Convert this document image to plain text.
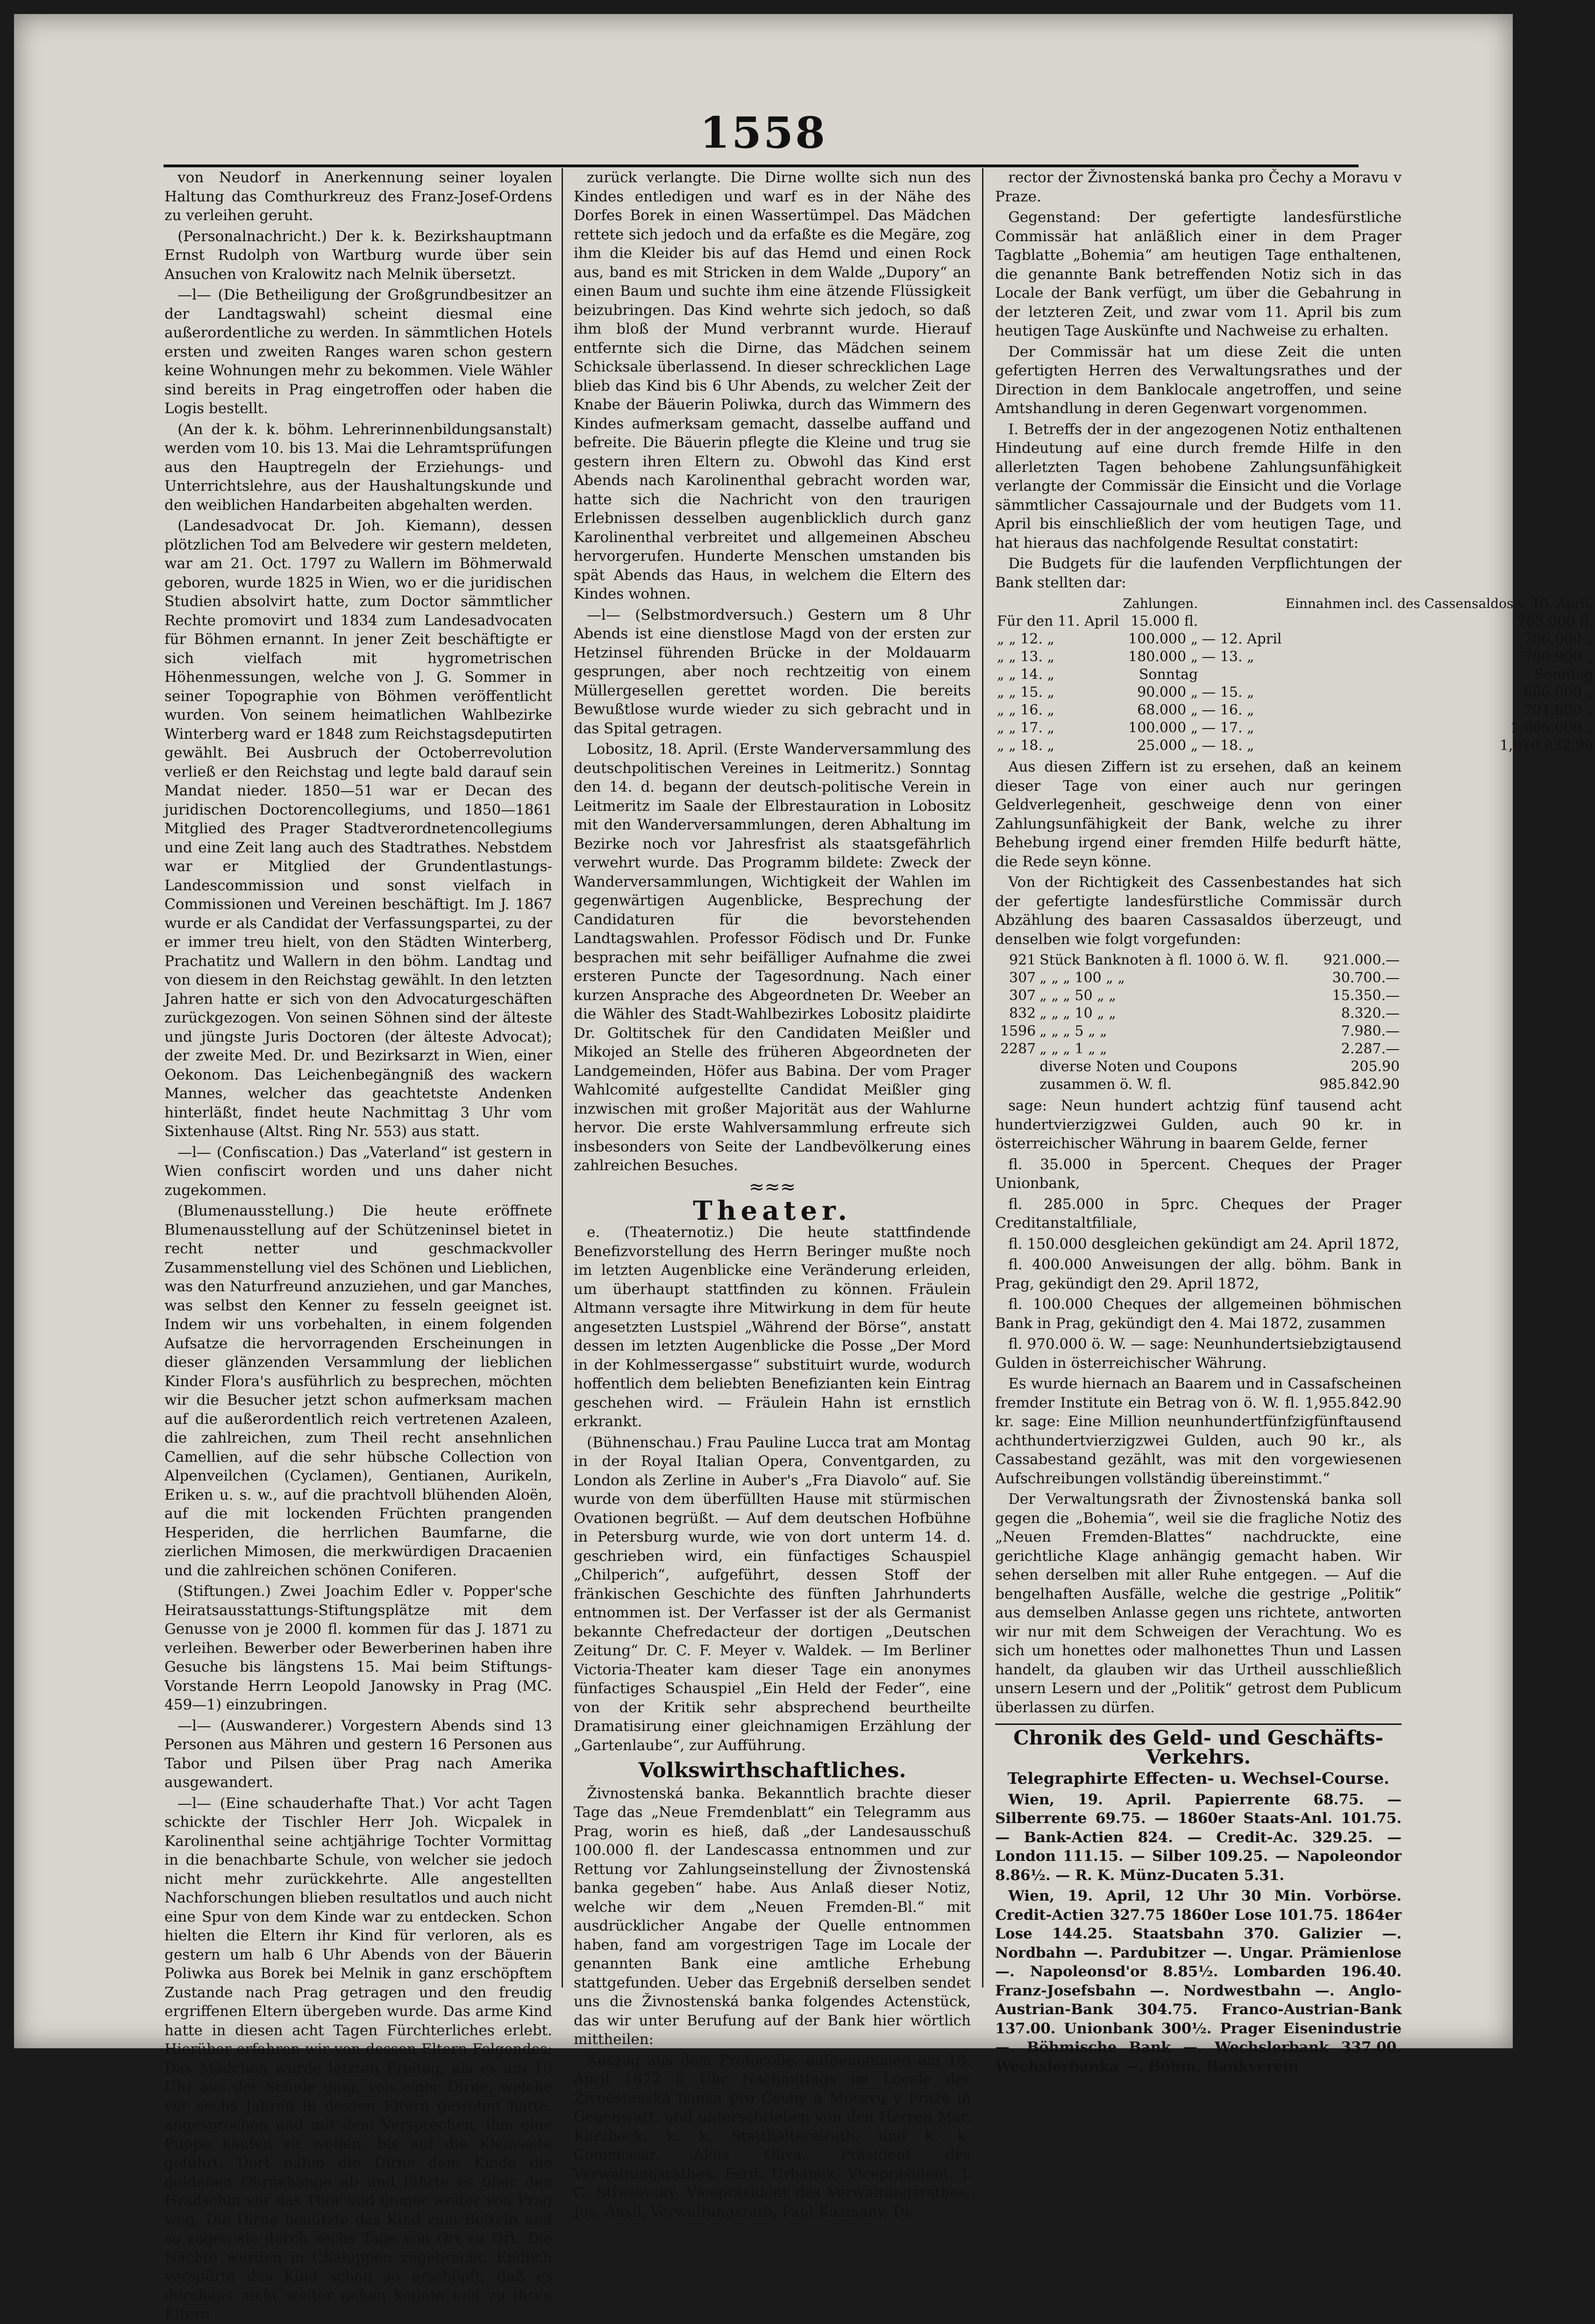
1558

von Neudorf in Anerkennung seiner loyalen Haltung das Comthurkreuz des Franz-Josef-Ordens zu verleihen geruht.

(Personalnachricht.) Der k. k. Bezirkshauptmann Ernst Rudolph von Wartburg wurde über sein Ansuchen von Kralowitz nach Melnik übersetzt.

—l— (Die Betheiligung der Großgrundbesitzer an der Landtagswahl) scheint diesmal eine außerordentliche zu werden. In sämmtlichen Hotels ersten und zweiten Ranges waren schon gestern keine Wohnungen mehr zu bekommen. Viele Wähler sind bereits in Prag eingetroffen oder haben die Logis bestellt.

(An der k. k. böhm. Lehrerinnenbildungsanstalt) werden vom 10. bis 13. Mai die Lehramtsprüfungen aus den Hauptregeln der Erziehungs- und Unterrichtslehre, aus der Haushaltungskunde und den weiblichen Handarbeiten abgehalten werden.

(Landesadvocat Dr. Joh. Kiemann), dessen plötzlichen Tod am Belvedere wir gestern meldeten, war am 21. Oct. 1797 zu Wallern im Böhmerwald geboren, wurde 1825 in Wien, wo er die juridischen Studien absolvirt hatte, zum Doctor sämmtlicher Rechte promovirt und 1834 zum Landesadvocaten für Böhmen ernannt. In jener Zeit beschäftigte er sich vielfach mit hygrometrischen Höhenmessungen, welche von J. G. Sommer in seiner Topographie von Böhmen veröffentlicht wurden. Von seinem heimatlichen Wahlbezirke Winterberg ward er 1848 zum Reichstagsdeputirten gewählt. Bei Ausbruch der Octoberrevolution verließ er den Reichstag und legte bald darauf sein Mandat nieder. 1850—51 war er Decan des juridischen Doctorencollegiums, und 1850—1861 Mitglied des Prager Stadtverordnetencollegiums und eine Zeit lang auch des Stadtrathes. Nebstdem war er Mitglied der Grundentlastungs-Landescommission und sonst vielfach in Commissionen und Vereinen beschäftigt. Im J. 1867 wurde er als Candidat der Verfassungspartei, zu der er immer treu hielt, von den Städten Winterberg, Prachatitz und Wallern in den böhm. Landtag und von diesem in den Reichstag gewählt. In den letzten Jahren hatte er sich von den Advocaturgeschäften zurückgezogen. Von seinen Söhnen sind der älteste und jüngste Juris Doctoren (der älteste Advocat); der zweite Med. Dr. und Bezirksarzt in Wien, einer Oekonom. Das Leichenbegängniß des wackern Mannes, welcher das geachtetste Andenken hinterläßt, findet heute Nachmittag 3 Uhr vom Sixtenhause (Altst. Ring Nr. 553) aus statt.

—l— (Confiscation.) Das „Vaterland“ ist gestern in Wien confiscirt worden und uns daher nicht zugekommen.

(Blumenausstellung.) Die heute eröffnete Blumenausstellung auf der Schützeninsel bietet in recht netter und geschmackvoller Zusammenstellung viel des Schönen und Lieblichen, was den Naturfreund anzuziehen, und gar Manches, was selbst den Kenner zu fesseln geeignet ist. Indem wir uns vorbehalten, in einem folgenden Aufsatze die hervorragenden Erscheinungen in dieser glänzenden Versammlung der lieblichen Kinder Flora's ausführlich zu besprechen, möchten wir die Besucher jetzt schon aufmerksam machen auf die außerordentlich reich vertretenen Azaleen, die zahlreichen, zum Theil recht ansehnlichen Camellien, auf die sehr hübsche Collection von Alpenveilchen (Cyclamen), Gentianen, Aurikeln, Eriken u. s. w., auf die prachtvoll blühenden Aloën, auf die mit lockenden Früchten prangenden Hesperiden, die herrlichen Baumfarne, die zierlichen Mimosen, die merkwürdigen Dracaenien und die zahlreichen schönen Coniferen.

(Stiftungen.) Zwei Joachim Edler v. Popper'sche Heiratsausstattungs-Stiftungsplätze mit dem Genusse von je 2000 fl. kommen für das J. 1871 zu verleihen. Bewerber oder Bewerberinen haben ihre Gesuche bis längstens 15. Mai beim Stiftungs-Vorstande Herrn Leopold Janowsky in Prag (MC. 459—1) einzubringen.

—l— (Auswanderer.) Vorgestern Abends sind 13 Personen aus Mähren und gestern 16 Personen aus Tabor und Pilsen über Prag nach Amerika ausgewandert.

—l— (Eine schauderhafte That.) Vor acht Tagen schickte der Tischler Herr Joh. Wicpalek in Karolinenthal seine achtjährige Tochter Vormittag in die benachbarte Schule, von welcher sie jedoch nicht mehr zurückkehrte. Alle angestellten Nachforschungen blieben resultatlos und auch nicht eine Spur von dem Kinde war zu entdecken. Schon hielten die Eltern ihr Kind für verloren, als es gestern um halb 6 Uhr Abends von der Bäuerin Poliwka aus Borek bei Melnik in ganz erschöpftem Zustande nach Prag getragen und den freudig ergriffenen Eltern übergeben wurde. Das arme Kind hatte in diesen acht Tagen Fürchterliches erlebt. Hierüber erfahren wir von dessen Eltern Folgendes: Das Mädchen wurde letzten Freitag, als es um 10 Uhr aus der Schule ging, von einer Dirne, welche vor sechs Jahren in dessen Eltern gewohnt hatte, angesprochen und mit dem Versprechen, ihm eine Puppe kaufen zu wollen, bis auf die Kleinseite geführt. Dort nahm die Dirne dem Kinde die goldenen Ohrgehänge ab und führte es über den Hradschin vor das Thor und immer weiter von Prag weg. Die Dirne benützte das Kind zum Betteln und so zogen sie durch sechs Tage von Ort zu Ort. Die Nächte wurden in Chaluppen zugebracht. Endlich verspürte das Kind schon so erschöpft, daß es durchaus nicht weiter gehen konnte und zu ihren Eltern

zurück verlangte. Die Dirne wollte sich nun des Kindes entledigen und warf es in der Nähe des Dorfes Borek in einen Wassertümpel. Das Mädchen rettete sich jedoch und da erfaßte es die Megäre, zog ihm die Kleider bis auf das Hemd und einen Rock aus, band es mit Stricken in dem Walde „Dupory“ an einen Baum und suchte ihm eine ätzende Flüssigkeit beizubringen. Das Kind wehrte sich jedoch, so daß ihm bloß der Mund verbrannt wurde. Hierauf entfernte sich die Dirne, das Mädchen seinem Schicksale überlassend. In dieser schrecklichen Lage blieb das Kind bis 6 Uhr Abends, zu welcher Zeit der Knabe der Bäuerin Poliwka, durch das Wimmern des Kindes aufmerksam gemacht, dasselbe auffand und befreite. Die Bäuerin pflegte die Kleine und trug sie gestern ihren Eltern zu. Obwohl das Kind erst Abends nach Karolinenthal gebracht worden war, hatte sich die Nachricht von den traurigen Erlebnissen desselben augenblicklich durch ganz Karolinenthal verbreitet und allgemeinen Abscheu hervorgerufen. Hunderte Menschen umstanden bis spät Abends das Haus, in welchem die Eltern des Kindes wohnen.

—l— (Selbstmordversuch.) Gestern um 8 Uhr Abends ist eine dienstlose Magd von der ersten zur Hetzinsel führenden Brücke in der Moldauarm gesprungen, aber noch rechtzeitig von einem Müllergesellen gerettet worden. Die bereits Bewußtlose wurde wieder zu sich gebracht und in das Spital getragen.

Lobositz, 18. April. (Erste Wanderversammlung des deutschpolitischen Vereines in Leitmeritz.) Sonntag den 14. d. begann der deutsch-politische Verein in Leitmeritz im Saale der Elbrestauration in Lobositz mit den Wanderversammlungen, deren Abhaltung im Bezirke noch vor Jahresfrist als staatsgefährlich verwehrt wurde. Das Programm bildete: Zweck der Wanderversammlungen, Wichtigkeit der Wahlen im gegenwärtigen Augenblicke, Besprechung der Candidaturen für die bevorstehenden Landtagswahlen. Professor Födisch und Dr. Funke besprachen mit sehr beifälliger Aufnahme die zwei ersteren Puncte der Tagesordnung. Nach einer kurzen Ansprache des Abgeordneten Dr. Weeber an die Wähler des Stadt-Wahlbezirkes Lobositz plaidirte Dr. Goltitschek für den Candidaten Meißler und Mikojed an Stelle des früheren Abgeordneten der Landgemeinden, Höfer aus Babina. Der vom Prager Wahlcomité aufgestellte Candidat Meißler ging inzwischen mit großer Majorität aus der Wahlurne hervor. Die erste Wahlversammlung erfreute sich insbesonders von Seite der Landbevölkerung eines zahlreichen Besuches.

≈≈≈
Theater.

e. (Theaternotiz.) Die heute stattfindende Benefizvorstellung des Herrn Beringer mußte noch im letzten Augenblicke eine Veränderung erleiden, um überhaupt stattfinden zu können. Fräulein Altmann versagte ihre Mitwirkung in dem für heute angesetzten Lustspiel „Während der Börse“, anstatt dessen im letzten Augenblicke die Posse „Der Mord in der Kohlmessergasse“ substituirt wurde, wodurch hoffentlich dem beliebten Benefizianten kein Eintrag geschehen wird. — Fräulein Hahn ist ernstlich erkrankt.

(Bühnenschau.) Frau Pauline Lucca trat am Montag in der Royal Italian Opera, Conventgarden, zu London als Zerline in Auber's „Fra Diavolo“ auf. Sie wurde von dem überfüllten Hause mit stürmischen Ovationen begrüßt. — Auf dem deutschen Hofbühne in Petersburg wurde, wie von dort unterm 14. d. geschrieben wird, ein fünfactiges Schauspiel „Chilperich“, aufgeführt, dessen Stoff der fränkischen Geschichte des fünften Jahrhunderts entnommen ist. Der Verfasser ist der als Germanist bekannte Chefredacteur der dortigen „Deutschen Zeitung“ Dr. C. F. Meyer v. Waldek. — Im Berliner Victoria-Theater kam dieser Tage ein anonymes fünfactiges Schauspiel „Ein Held der Feder“, eine von der Kritik sehr absprechend beurtheilte Dramatisirung einer gleichnamigen Erzählung der „Gartenlaube“, zur Aufführung.

Volkswirthschaftliches.

Živnostenská banka. Bekanntlich brachte dieser Tage das „Neue Fremdenblatt“ ein Telegramm aus Prag, worin es hieß, daß „der Landesausschuß 100.000 fl. der Landescassa entnommen und zur Rettung vor Zahlungseinstellung der Živnostenská banka gegeben“ habe. Aus Anlaß dieser Notiz, welche wir dem „Neuen Fremden-Bl.“ mit ausdrücklicher Angabe der Quelle entnommen haben, fand am vorgestrigen Tage im Locale der genannten Bank eine amtliche Erhebung stattgefunden. Ueber das Ergebniß derselben sendet uns die Živnostenská banka folgendes Actenstück, das wir unter Berufung auf der Bank hier wörtlich mittheilen:

Auszug aus dem Protocolle, aufgenommen am 18. April 1872 5 Uhr Nachmittags im Locale der Živnostenská banka pro Čechy a Moravu v Praze in Gegenwart, und unterschrieben von den Herren Mar. Kurzbeck, k. k. Statthaltereirath, und k. k. Commissär, Alois Oliva, Präsident des Verwaltungsrathes, Ferd. Urbánek, Vicepräsident, J. C. Střezovský, Vicepräsident des Verwaltungsrathes, Jos. Ansil, Verwaltungsrath, Paul Kuzmany, Di-

rector der Živnostenská banka pro Čechy a Moravu v Praze.

Gegenstand: Der gefertigte landesfürstliche Commissär hat anläßlich einer in dem Prager Tagblatte „Bohemia“ am heutigen Tage enthaltenen, die genannte Bank betreffenden Notiz sich in das Locale der Bank verfügt, um über die Gebahrung in der letzteren Zeit, und zwar vom 11. April bis zum heutigen Tage Auskünfte und Nachweise zu erhalten.

Der Commissär hat um diese Zeit die unten gefertigten Herren des Verwaltungsrathes und der Direction in dem Banklocale angetroffen, und seine Amtshandlung in deren Gegenwart vorgenommen.

I. Betreffs der in der angezogenen Notiz enthaltenen Hindeutung auf eine durch fremde Hilfe in den allerletzten Tagen behobene Zahlungsunfähigkeit verlangte der Commissär die Einsicht und die Vorlage sämmtlicher Cassajournale und der Budgets vom 11. April bis einschließlich der vom heutigen Tage, und hat hieraus das nachfolgende Resultat constatirt:

Die Budgets für die laufenden Verpflichtungen der Bank stellten dar:

	Zahlungen.		Einnahmen incl. des Cassensaldos v. 10. April.
Für den 11. April	15.000 fl.		763.000 fl.
„ „ 12. „	100.000 „	— 12. April	706.000 „
„ „ 13. „	180.000 „	— 13. „	760.900 „
„ „ 14. „	Sonntag		Sonntag
„ „ 15. „	90.000 „	— 15. „	666.000 „
„ „ 16. „	68.000 „	— 16. „	701.600 „
„ „ 17. „	100.000 „	— 17. „	1,005.000 „
„ „ 18. „	25.000 „	— 18. „	1,010.832.90

Aus diesen Ziffern ist zu ersehen, daß an keinem dieser Tage von einer auch nur geringen Geldverlegenheit, geschweige denn von einer Zahlungsunfähigkeit der Bank, welche zu ihrer Behebung irgend einer fremden Hilfe bedurft hätte, die Rede seyn könne.

Von der Richtigkeit des Cassenbestandes hat sich der gefertigte landesfürstliche Commissär durch Abzählung des baaren Cassasaldos überzeugt, und denselben wie folgt vorgefunden:

921	Stück Banknoten à fl. 1000 ö. W. fl.	921.000.—
307	„ „ „ 100 „ „	30.700.—
307	„ „ „ 50 „ „	15.350.—
832	„ „ „ 10 „ „	8.320.—
1596	„ „ „ 5 „ „	7.980.—
2287	„ „ „ 1 „ „	2.287.—
	diverse Noten und Coupons	205.90
	zusammen ö. W. fl.	985.842.90

sage: Neun hundert achtzig fünf tausend acht hundertvierzigzwei Gulden, auch 90 kr. in österreichischer Währung in baarem Gelde, ferner

fl. 35.000 in 5percent. Cheques der Prager Unionbank,

fl. 285.000 in 5prc. Cheques der Prager Creditanstaltfiliale,

fl. 150.000 desgleichen gekündigt am 24. April 1872,

fl. 400.000 Anweisungen der allg. böhm. Bank in Prag, gekündigt den 29. April 1872,

fl. 100.000 Cheques der allgemeinen böhmischen Bank in Prag, gekündigt den 4. Mai 1872, zusammen

fl. 970.000 ö. W. — sage: Neunhundertsiebzigtausend Gulden in österreichischer Währung.

Es wurde hiernach an Baarem und in Cassafscheinen fremder Institute ein Betrag von ö. W. fl. 1,955.842.90 kr. sage: Eine Million neunhundertfünfzigfünftausend achthundertvierzigzwei Gulden, auch 90 kr., als Cassabestand gezählt, was mit den vorgewiesenen Aufschreibungen vollständig übereinstimmt.“

Der Verwaltungsrath der Živnostenská banka soll gegen die „Bohemia“, weil sie die fragliche Notiz des „Neuen Fremden-Blattes“ nachdruckte, eine gerichtliche Klage anhängig gemacht haben. Wir sehen derselben mit aller Ruhe entgegen. — Auf die bengelhaften Ausfälle, welche die gestrige „Politik“ aus demselben Anlasse gegen uns richtete, antworten wir nur mit dem Schweigen der Verachtung. Wo es sich um honettes oder malhonettes Thun und Lassen handelt, da glauben wir das Urtheil ausschließlich unsern Lesern und der „Politik“ getrost dem Publicum überlassen zu dürfen.

Chronik des Geld- und Geschäfts-Verkehrs.
Telegraphirte Effecten- u. Wechsel-Course.

Wien, 19. April. Papierrente 68.75. — Silberrente 69.75. — 1860er Staats-Anl. 101.75. — Bank-Actien 824. — Credit-Ac. 329.25. — London 111.15. — Silber 109.25. — Napoleondor 8.86½. — R. K. Münz-Ducaten 5.31.

Wien, 19. April, 12 Uhr 30 Min. Vorbörse. Credit-Actien 327.75 1860er Lose 101.75. 1864er Lose 144.25. Staatsbahn 370. Galizier —. Nordbahn —. Pardubitzer —. Ungar. Prämienlose —. Napoleonsd'or 8.85½. Lombarden 196.40. Franz-Josefsbahn —. Nordwestbahn —. Anglo-Austrian-Bank 304.75. Franco-Austrian-Bank 137.00. Unionbank 300½. Prager Eisenindustrie —. Böhmische Bank —. Wechslerbank 337.00. Wechslerbanka —. Böhm. Bankverein
